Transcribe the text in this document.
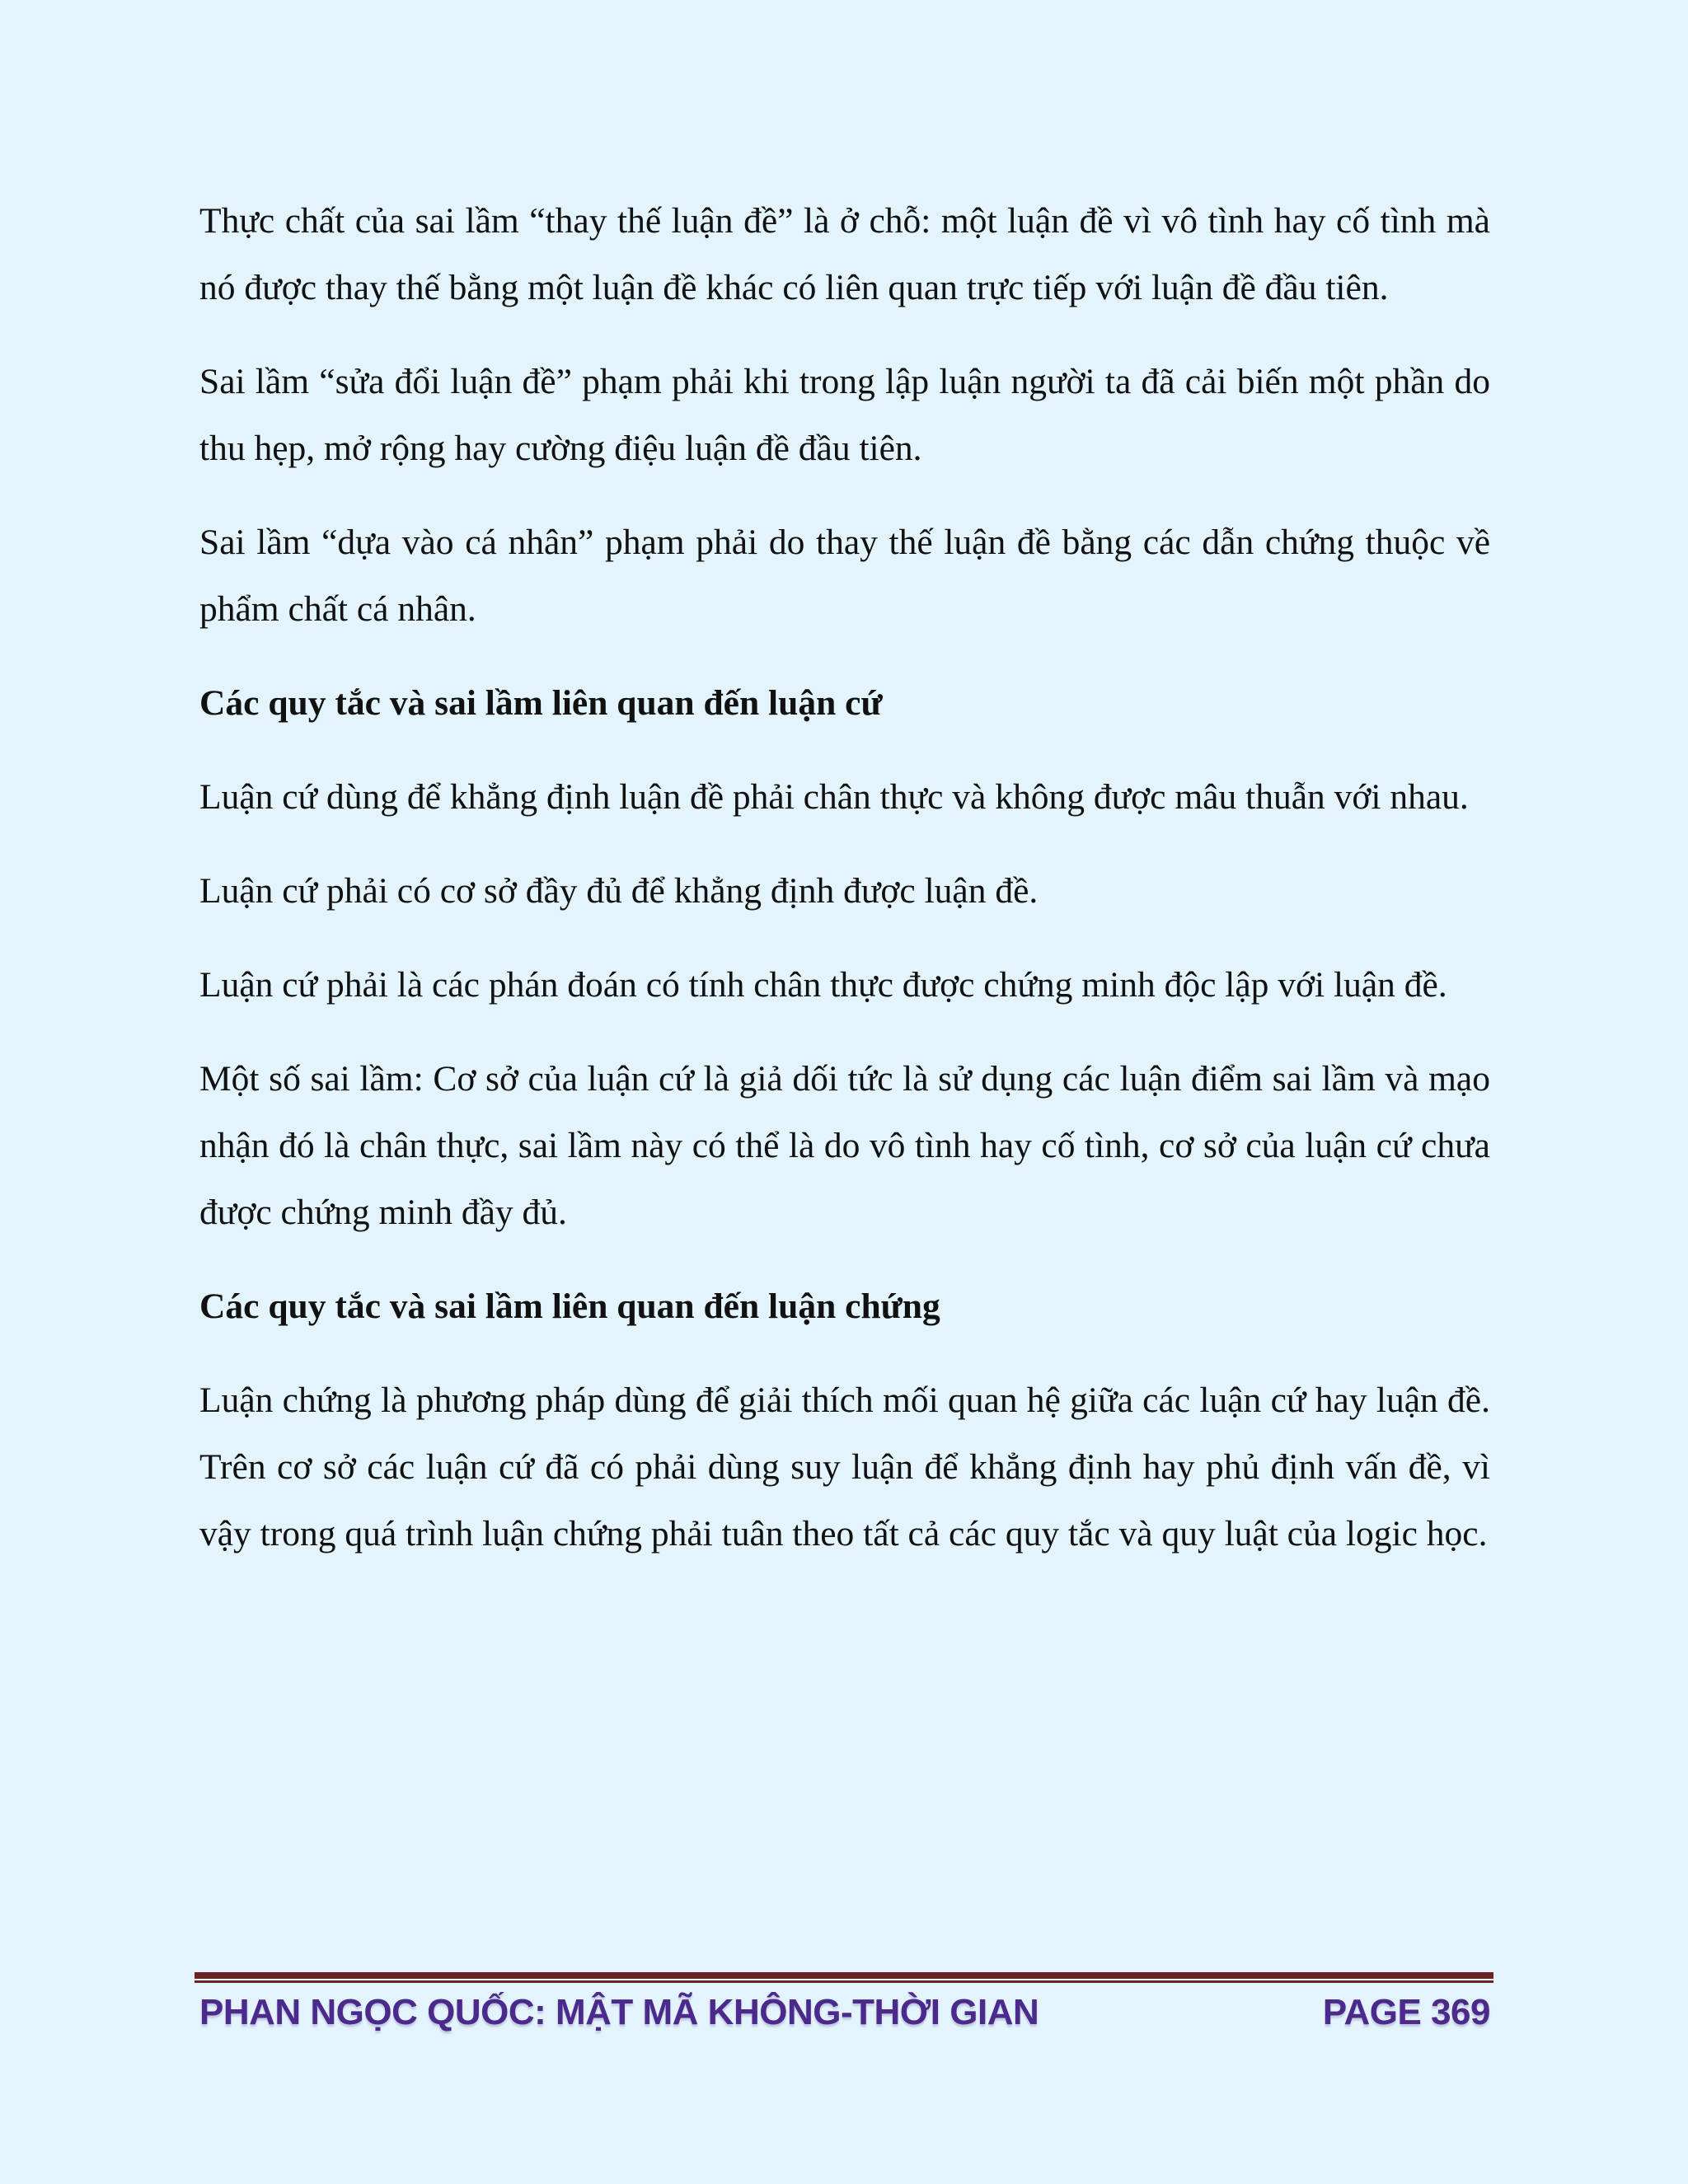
Thực chất của sai lầm “thay thế luận đề” là ở chỗ: một luận đề vì vô tình hay cố tình mà nó được thay thế bằng một luận đề khác có liên quan trực tiếp với luận đề đầu tiên.

Sai lầm “sửa đổi luận đề” phạm phải khi trong lập luận người ta đã cải biến một phần do thu hẹp, mở rộng hay cường điệu luận đề đầu tiên.

Sai lầm “dựa vào cá nhân” phạm phải do thay thế luận đề bằng các dẫn chứng thuộc về phẩm chất cá nhân.

Các quy tắc và sai lầm liên quan đến luận cứ

Luận cứ dùng để khẳng định luận đề phải chân thực và không được mâu thuẫn với nhau.

Luận cứ phải có cơ sở đầy đủ để khẳng định được luận đề.

Luận cứ phải là các phán đoán có tính chân thực được chứng minh độc lập với luận đề.

Một số sai lầm: Cơ sở của luận cứ là giả dối tức là sử dụng các luận điểm sai lầm và mạo nhận đó là chân thực, sai lầm này có thể là do vô tình hay cố tình, cơ sở của luận cứ chưa được chứng minh đầy đủ.

Các quy tắc và sai lầm liên quan đến luận chứng

Luận chứng là phương pháp dùng để giải thích mối quan hệ giữa các luận cứ hay luận đề. Trên cơ sở các luận cứ đã có phải dùng suy luận để khẳng định hay phủ định vấn đề, vì vậy trong quá trình luận chứng phải tuân theo tất cả các quy tắc và quy luật của logic học.

PHAN NGỌC QUỐC: MẬT MÃ KHÔNG-THỜI GIAN	PAGE 369
